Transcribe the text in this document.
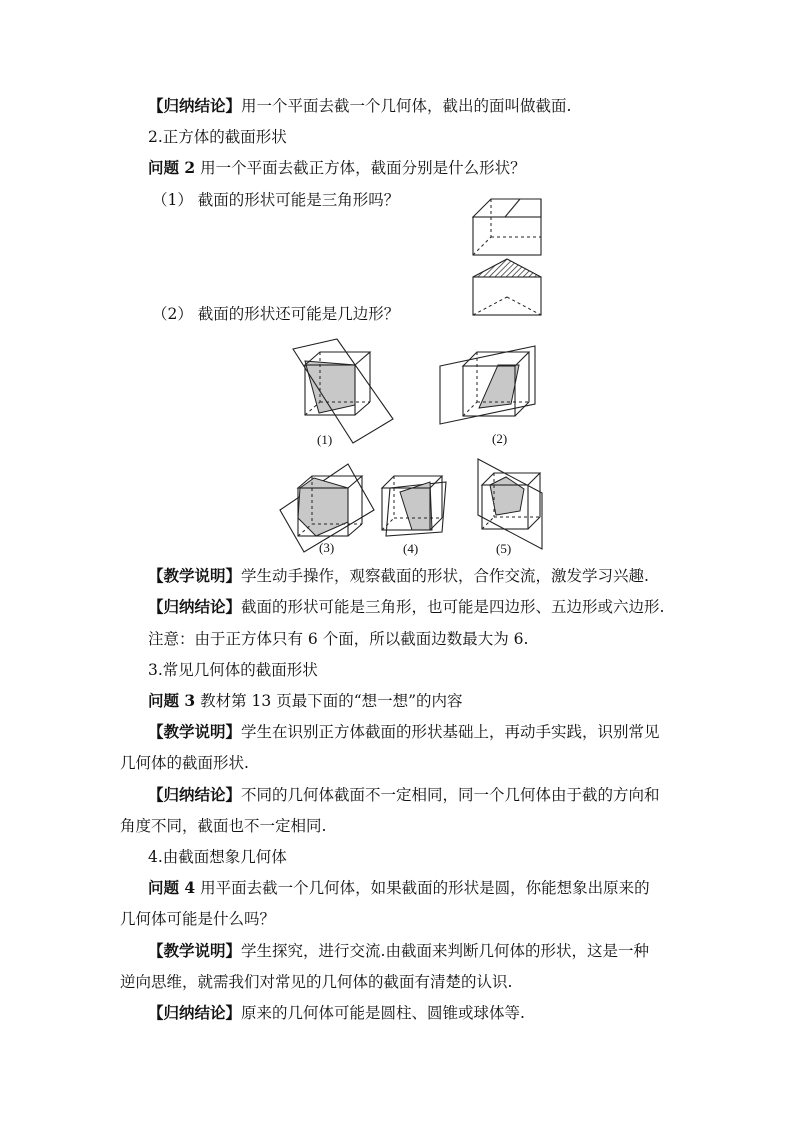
【归纳结论】用一个平面去截一个几何体，截出的面叫做截面.
2.正方体的截面形状
问题 2 用一个平面去截正方体，截面分别是什么形状？
（1） 截面的形状可能是三角形吗？
（2） 截面的形状还可能是几边形？
【教学说明】学生动手操作，观察截面的形状，合作交流，激发学习兴趣.
【归纳结论】截面的形状可能是三角形，也可能是四边形、五边形或六边形.
注意：由于正方体只有 6 个面，所以截面边数最大为 6.
3.常见几何体的截面形状
问题 3 教材第 13 页最下面的“想一想”的内容
【教学说明】学生在识别正方体截面的形状基础上，再动手实践，识别常见
几何体的截面形状.
【归纳结论】不同的几何体截面不一定相同，同一个几何体由于截的方向和
角度不同，截面也不一定相同.
4.由截面想象几何体
问题 4 用平面去截一个几何体，如果截面的形状是圆，你能想象出原来的
几何体可能是什么吗？
【教学说明】学生探究，进行交流.由截面来判断几何体的形状，这是一种
逆向思维，就需我们对常见的几何体的截面有清楚的认识.
【归纳结论】原来的几何体可能是圆柱、圆锥或球体等.
(1)	(2)
(3)	(4)	(5)
